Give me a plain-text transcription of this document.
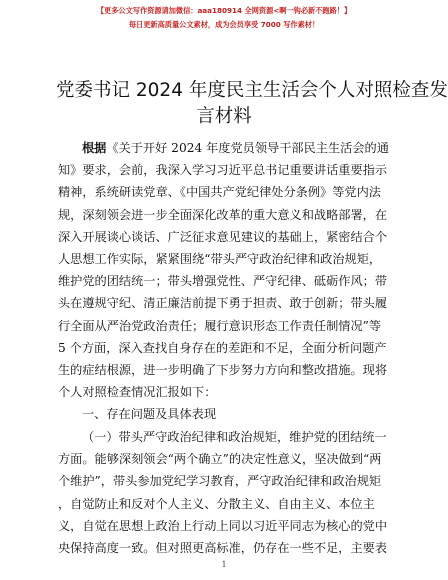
【更多公文写作资源请加微信：aaa180914 全网资源<啊一钩必新不跑路！】
每日更新高质量公文素材，成为会员享受 7000 写作素材！
党委书记 2024 年度民主生活会个人对照检查发
言材料
根据《关于开好 2024 年度党员领导干部民主生活会的通
知》要求，会前，我深入学习习近平总书记重要讲话重要指示
精神，系统研读党章、《中国共产党纪律处分条例》等党内法
规，深刻领会进一步全面深化改革的重大意义和战略部署，在
深入开展谈心谈话、广泛征求意见建议的基础上，紧密结合个
人思想工作实际，紧紧围绕“带头严守政治纪律和政治规矩，
维护党的团结统一；带头增强党性、严守纪律、砥砺作风；带
头在遵规守纪、清正廉洁前提下勇于担责、敢于创新；带头履
行全面从严治党政治责任；履行意识形态工作责任制情况”等
5 个方面，深入查找自身存在的差距和不足，全面分析问题产
生的症结根源，进一步明确了下步努力方向和整改措施。现将
个人对照检查情况汇报如下：
一、存在问题及具体表现
（一）带头严守政治纪律和政治规矩，维护党的团结统一
方面。能够深刻领会“两个确立”的决定性意义，坚决做到“两
个维护”，带头参加党纪学习教育，严守政治纪律和政治规矩
，自觉防止和反对个人主义、分散主义、自由主义、本位主
义，自觉在思想上政治上行动上同以习近平同志为核心的党中
央保持高度一致。但对照更高标准，仍存在一些不足，主要表
1
